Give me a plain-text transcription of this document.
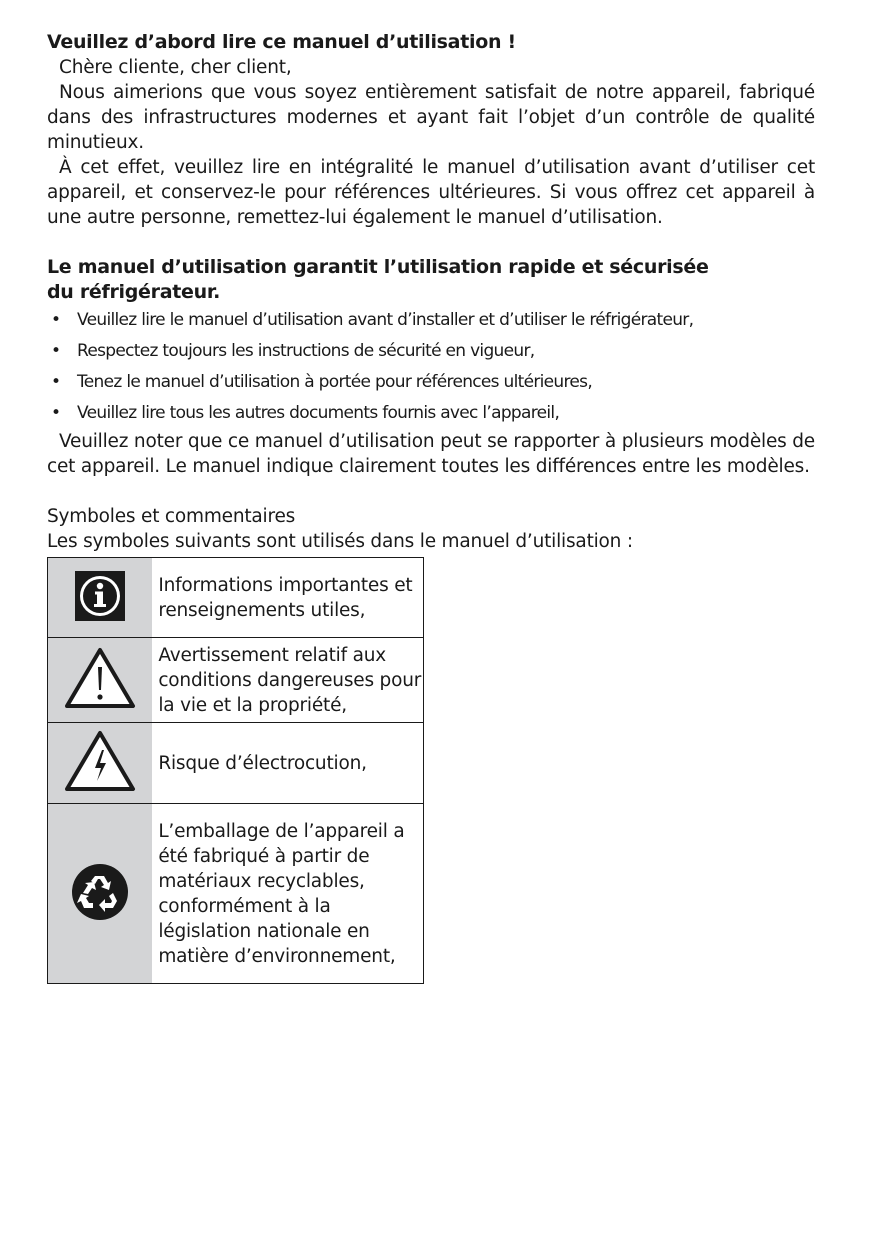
Veuillez d’abord lire ce manuel d’utilisation !

Chère cliente, cher client,

Nous aimerions que vous soyez entièrement satisfait de notre appareil, fabriqué dans des infrastructures modernes et ayant fait l’objet d’un contrôle de qualité minutieux.

À cet effet, veuillez lire en intégralité le manuel d’utilisation avant d’utiliser cet appareil, et conservez-le pour références ultérieures. Si vous offrez cet appareil à une autre personne, remettez-lui également le manuel d’utilisation.

Le manuel d’utilisation garantit l’utilisation rapide et sécurisée du réfrigérateur.
• Veuillez lire le manuel d’utilisation avant d’installer et d’utiliser le réfrigérateur,
• Respectez toujours les instructions de sécurité en vigueur,
• Tenez le manuel d’utilisation à portée pour références ultérieures,
• Veuillez lire tous les autres documents fournis avec l’appareil,

Veuillez noter que ce manuel d’utilisation peut se rapporter à plusieurs modèles de cet appareil. Le manuel indique clairement toutes les différences entre les modèles.

Symboles et commentaires

Les symboles suivants sont utilisés dans le manuel d’utilisation :

	Informations importantes et renseignements utiles,
	Avertissement relatif aux conditions dangereuses pour la vie et la propriété,
	Risque d’électrocution,
	L’emballage de l’appareil a été fabriqué à partir de matériaux recyclables, conformément à la législation nationale en matière d’environnement,
